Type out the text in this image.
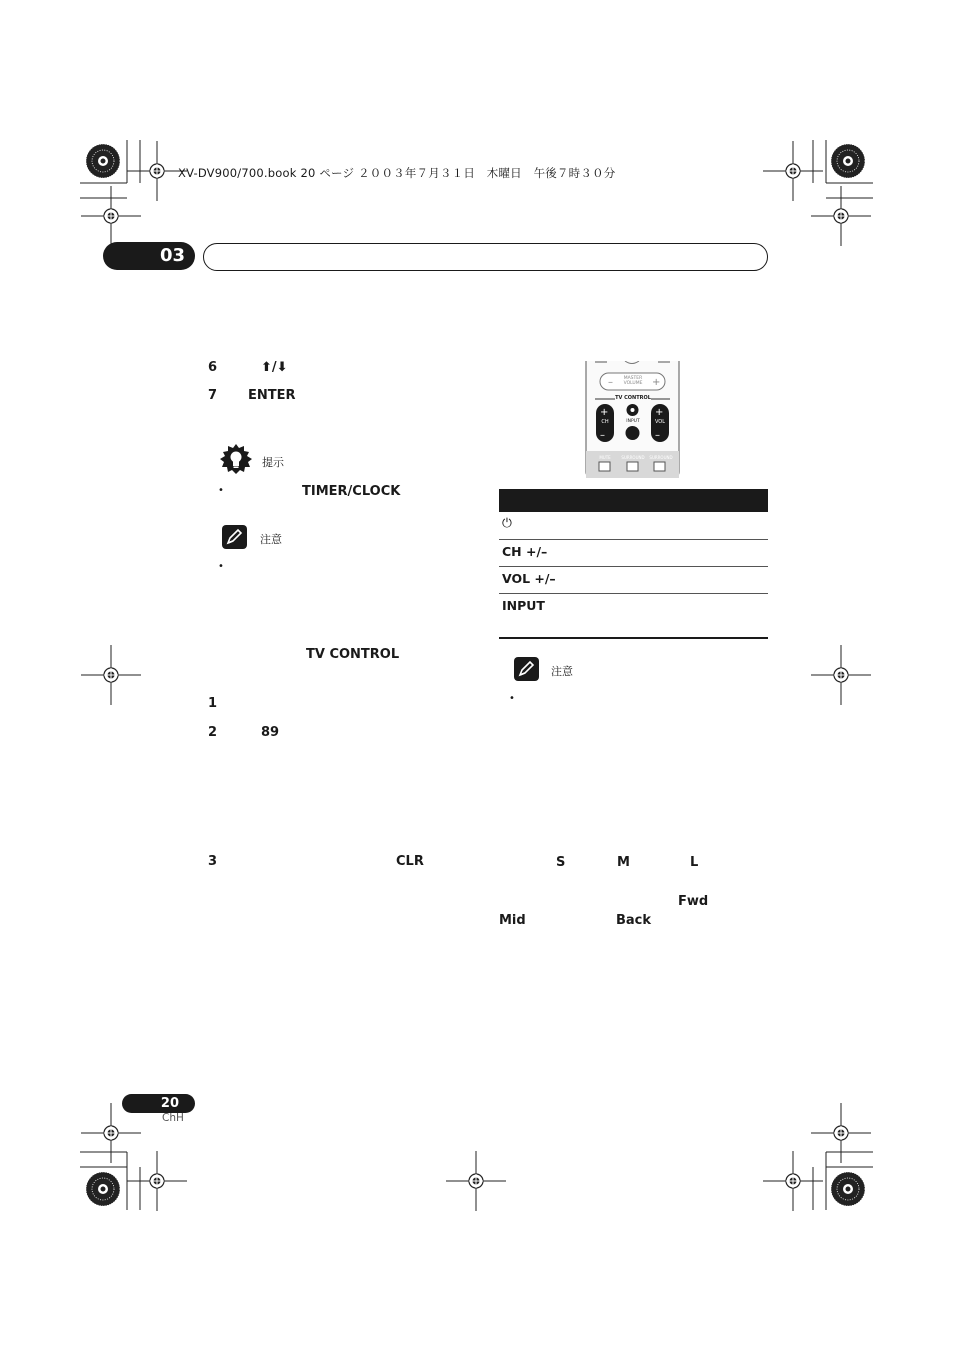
XV-DV900/700.book 20 ページ ２００３年７月３１日　木曜日　午後７時３０分
03
6	⬆/⬇
7 ENTER
提示
•	TIMER/CLOCK
注意
•
TV CONTROL
1
2	89
3	CLR
–	+
+
–
+
–
MASTER
VOLUME
TV CONTROL
CH	INPUT	VOL
MUTE	SURROUND	SURROUND
⏻
CH +/–
VOL +/–
INPUT
注意
•
S	M	L
Fwd
Mid	Back
20
ChH
